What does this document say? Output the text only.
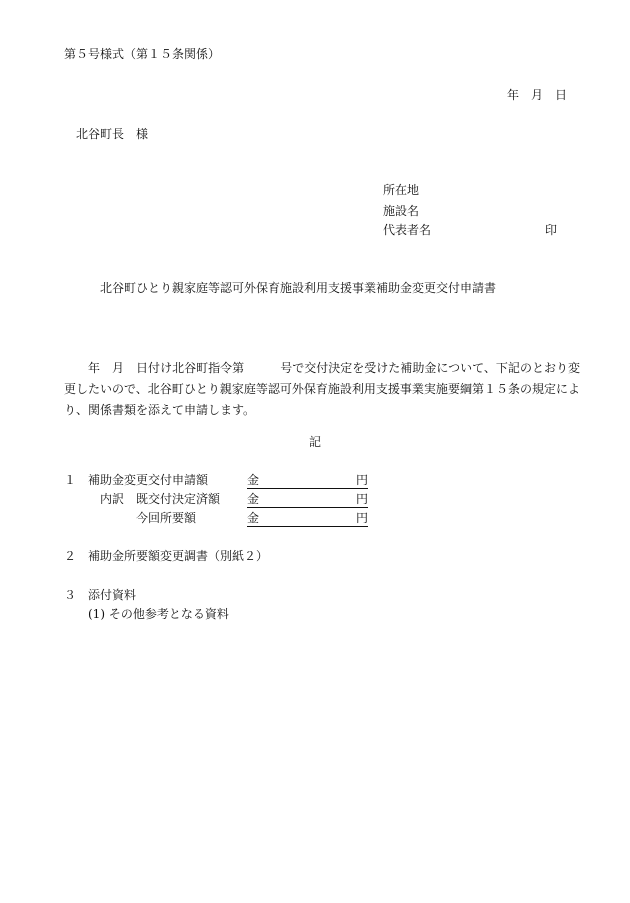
第５号様式（第１５条関係）
年 月 日
北谷町長　様
所在地
施設名
代表者名	印
北谷町ひとり親家庭等認可外保育施設利用支援事業補助金変更交付申請書
年　月　日付け北谷町指令第　　　号で交付決定を受けた補助金について、下記のとおり変更したいので、北谷町ひとり親家庭等認可外保育施設利用支援事業実施要綱第１５条の規定により、関係書類を添えて申請します。
記
１ 補助金変更交付申請額	金	円
内訳　既交付決定済額 金	円
今回所要額	金	円
２ 補助金所要額変更調書（別紙２）
３ 添付資料
(1) その他参考となる資料
